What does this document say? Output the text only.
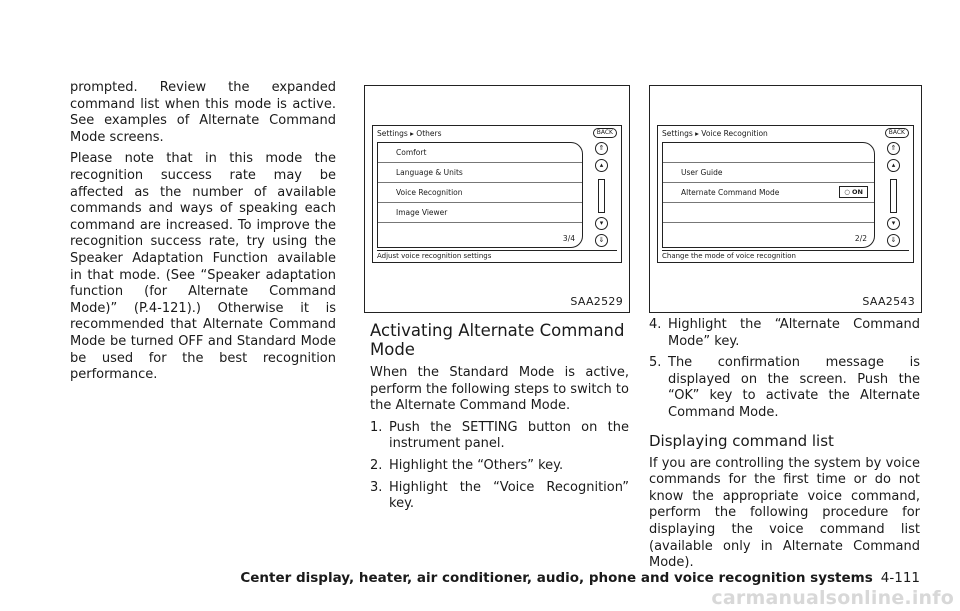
prompted. Review the expanded command list when this mode is active. See examples of Alternate Command Mode screens.

Please note that in this mode the recognition success rate may be affected as the number of available commands and ways of speaking each command are increased. To improve the recognition success rate, try using the Speaker Adaptation Function available in that mode. (See “Speaker adaptation function (for Alternate Command Mode)” (P.4-121).) Otherwise it is recommended that Alternate Command Mode be turned OFF and Standard Mode be used for the best recognition performance.

Settings ▸ Others	BACK
Comfort
Language & Units
Voice Recognition
Image Viewer
3/4
⇑
▴
▾
⇓
Adjust voice recognition settings
SAA2529
Settings ▸ Voice Recognition	BACK
User Guide
Alternate Command Mode	○ ON
2/2
⇑
▴
▾
⇓
Change the mode of voice recognition
SAA2543
Activating Alternate Command Mode

When the Standard Mode is active, perform the following steps to switch to the Alternate Command Mode.

1. Push the SETTING button on the instrument panel.
2. Highlight the “Others” key.
3. Highlight the “Voice Recognition” key.
4. Highlight the “Alternate Command Mode” key.
5. The confirmation message is displayed on the screen. Push the “OK” key to activate the Alternate Command Mode.
Displaying command list

If you are controlling the system by voice commands for the first time or do not know the appropriate voice command, perform the following procedure for displaying the voice command list (available only in Alternate Command Mode).

Center display, heater, air conditioner, audio, phone and voice recognition systems 4-111
carmanualsonline.info
